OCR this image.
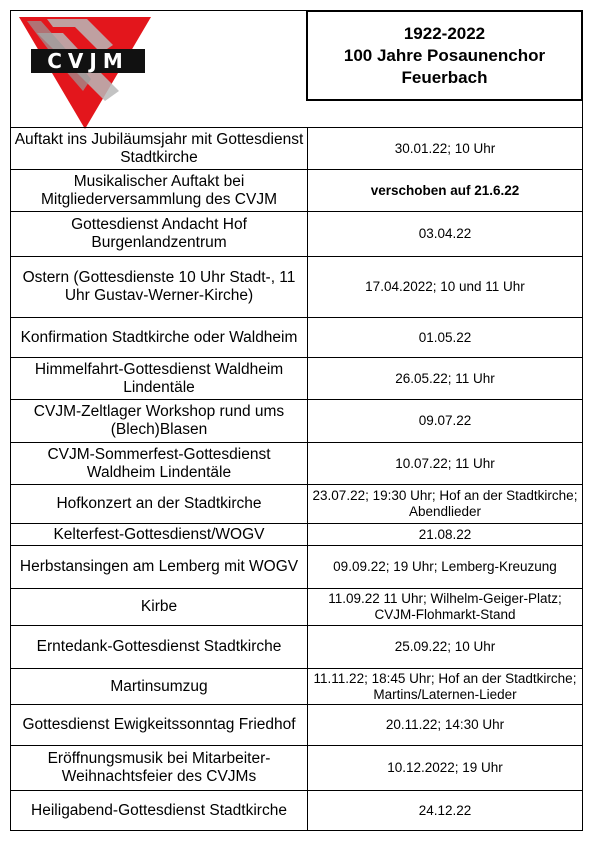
CVJM
1922-2022
100 Jahre Posaunenchor
Feuerbach
Auftakt ins Jubiläumsjahr mit Gottesdienst Stadtkirche	30.01.22; 10 Uhr
Musikalischer Auftakt bei Mitgliederversammlung des CVJM	verschoben auf 21.6.22
Gottesdienst Andacht Hof Burgenlandzentrum	03.04.22
Ostern (Gottesdienste 10 Uhr Stadt-, 11 Uhr Gustav-Werner-Kirche)	17.04.2022; 10 und 11 Uhr
Konfirmation Stadtkirche oder Waldheim	01.05.22
Himmelfahrt-Gottesdienst Waldheim Lindentäle	26.05.22; 11 Uhr
CVJM-Zeltlager Workshop rund ums (Blech)Blasen	09.07.22
CVJM-Sommerfest-Gottesdienst Waldheim Lindentäle	10.07.22; 11 Uhr
Hofkonzert an der Stadtkirche	23.07.22; 19:30 Uhr; Hof an der Stadtkirche; Abendlieder
Kelterfest-Gottesdienst/WOGV	21.08.22
Herbstansingen am Lemberg mit WOGV	09.09.22; 19 Uhr; Lemberg-Kreuzung
Kirbe	11.09.22 11 Uhr; Wilhelm-Geiger-Platz; CVJM-Flohmarkt-Stand
Erntedank-Gottesdienst Stadtkirche	25.09.22; 10 Uhr
Martinsumzug	11.11.22; 18:45 Uhr; Hof an der Stadtkirche; Martins/Laternen-Lieder
Gottesdienst Ewigkeitssonntag Friedhof	20.11.22; 14:30 Uhr
Eröffnungsmusik bei Mitarbeiter-Weihnachtsfeier des CVJMs	10.12.2022; 19 Uhr
Heiligabend-Gottesdienst Stadtkirche	24.12.22
